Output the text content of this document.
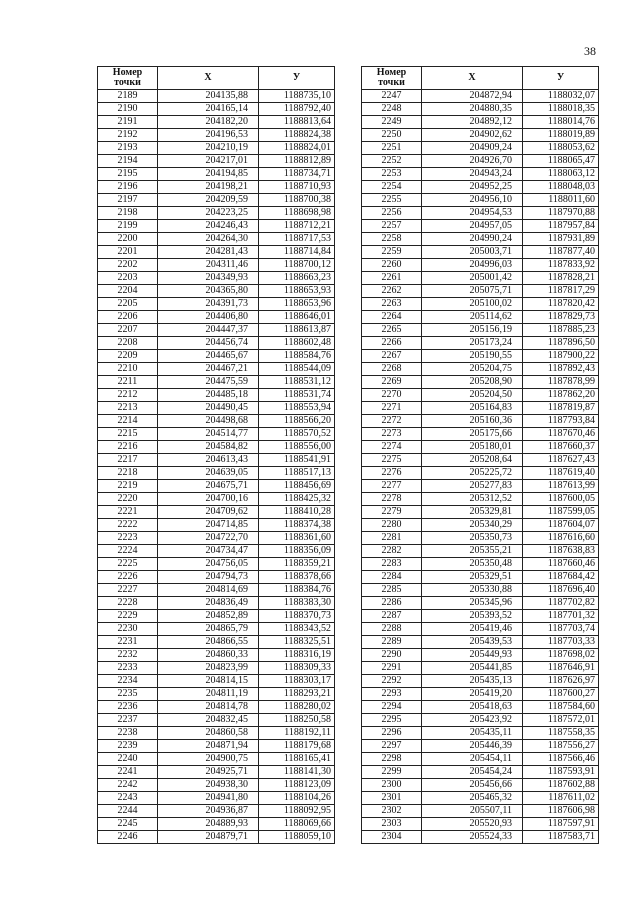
38
Номер
точки	X	У
2189	204135,88	1188735,10
2190	204165,14	1188792,40
2191	204182,20	1188813,64
2192	204196,53	1188824,38
2193	204210,19	1188824,01
2194	204217,01	1188812,89
2195	204194,85	1188734,71
2196	204198,21	1188710,93
2197	204209,59	1188700,38
2198	204223,25	1188698,98
2199	204246,43	1188712,21
2200	204264,30	1188717,53
2201	204281,43	1188714,84
2202	204311,46	1188700,12
2203	204349,93	1188663,23
2204	204365,80	1188653,93
2205	204391,73	1188653,96
2206	204406,80	1188646,01
2207	204447,37	1188613,87
2208	204456,74	1188602,48
2209	204465,67	1188584,76
2210	204467,21	1188544,09
2211	204475,59	1188531,12
2212	204485,18	1188531,74
2213	204490,45	1188553,94
2214	204498,68	1188566,20
2215	204514,77	1188570,52
2216	204584,82	1188556,00
2217	204613,43	1188541,91
2218	204639,05	1188517,13
2219	204675,71	1188456,69
2220	204700,16	1188425,32
2221	204709,62	1188410,28
2222	204714,85	1188374,38
2223	204722,70	1188361,60
2224	204734,47	1188356,09
2225	204756,05	1188359,21
2226	204794,73	1188378,66
2227	204814,69	1188384,76
2228	204836,49	1188383,30
2229	204852,89	1188370,73
2230	204865,79	1188343,52
2231	204866,55	1188325,51
2232	204860,33	1188316,19
2233	204823,99	1188309,33
2234	204814,15	1188303,17
2235	204811,19	1188293,21
2236	204814,78	1188280,02
2237	204832,45	1188250,58
2238	204860,58	1188192,11
2239	204871,94	1188179,68
2240	204900,75	1188165,41
2241	204925,71	1188141,30
2242	204938,30	1188123,09
2243	204941,80	1188104,26
2244	204936,87	1188092,95
2245	204889,93	1188069,66
2246	204879,71	1188059,10
Номер
точки	X	У
2247	204872,94	1188032,07
2248	204880,35	1188018,35
2249	204892,12	1188014,76
2250	204902,62	1188019,89
2251	204909,24	1188053,62
2252	204926,70	1188065,47
2253	204943,24	1188063,12
2254	204952,25	1188048,03
2255	204956,10	1188011,60
2256	204954,53	1187970,88
2257	204957,05	1187957,84
2258	204990,24	1187931,89
2259	205003,71	1187877,40
2260	204996,03	1187833,92
2261	205001,42	1187828,21
2262	205075,71	1187817,29
2263	205100,02	1187820,42
2264	205114,62	1187829,73
2265	205156,19	1187885,23
2266	205173,24	1187896,50
2267	205190,55	1187900,22
2268	205204,75	1187892,43
2269	205208,90	1187878,99
2270	205204,50	1187862,20
2271	205164,83	1187819,87
2272	205160,36	1187793,84
2273	205175,66	1187670,46
2274	205180,01	1187660,37
2275	205208,64	1187627,43
2276	205225,72	1187619,40
2277	205277,83	1187613,99
2278	205312,52	1187600,05
2279	205329,81	1187599,05
2280	205340,29	1187604,07
2281	205350,73	1187616,60
2282	205355,21	1187638,83
2283	205350,48	1187660,46
2284	205329,51	1187684,42
2285	205330,88	1187696,40
2286	205345,96	1187702,82
2287	205393,52	1187701,32
2288	205419,46	1187703,74
2289	205439,53	1187703,33
2290	205449,93	1187698,02
2291	205441,85	1187646,91
2292	205435,13	1187626,97
2293	205419,20	1187600,27
2294	205418,63	1187584,60
2295	205423,92	1187572,01
2296	205435,11	1187558,35
2297	205446,39	1187556,27
2298	205454,11	1187566,46
2299	205454,24	1187593,91
2300	205456,66	1187602,88
2301	205465,32	1187611,02
2302	205507,11	1187606,98
2303	205520,93	1187597,91
2304	205524,33	1187583,71
